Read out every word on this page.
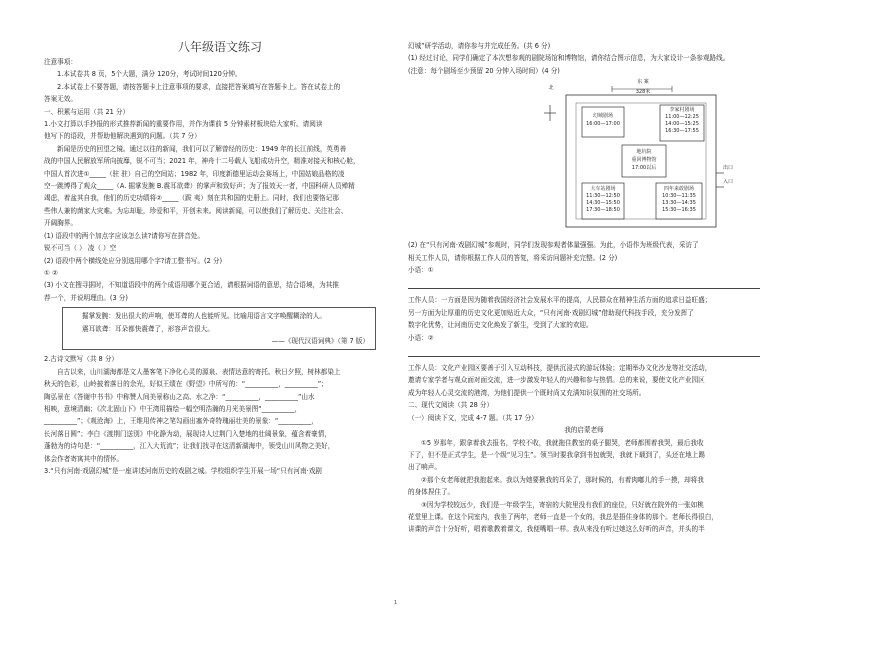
八年级语文练习

注意事项：

1.本试卷共 8 页，5个大题，满分 120分，考试时间120分钟。

2.本试卷上不要答题，请按答题卡上注意事项的要求，直接把答案填写在答题卡上。答在试卷上的

答案无效。

一、积累与运用（共 21 分）

1.小文打算以手抄报的形式推荐新闻的重要作用，并作为课前 5 分钟素材板块给大家听。请阅读

他写下的语段，并帮助他解决遇到的问题。（共 7 分）

新闻是历史的回望之镜。通过以往的新闻，我们可以了解曾经的历史：1949 年的长江前线，英勇善

战的中国人民解放军所向披靡，锐不可当；2021 年，神舟十二号载人飞船成功升空，精准对接天和核心舱，

中国人首次进①_____（驻 驻）自己的空间站；1982 年，印度新德里运动会赛场上，中国姑娘品格的凌

空一跳博得了观众_____（A. 掘掌发腕 B.震耳欲聋）的掌声和致好声；为了报效天一者，中国科研人员殚精

竭虑，着盆其自我，他们的历史功绩将②_____（跋 夷）刻在共和国的史册上。同时，我们也要恪记那

些伟人兼的菌家大灾难。为忘却耻，珍爱和平，开创未来。阅读新闻，可以使我们了解历史、关注社会、

开阔胸界。

(1) 语段中的两个加点字应该怎么读?请你写在拼音处。

锐不可当（ ） 凌（ ）空

(2) 语段中两个横线处应分别选用哪个字?请工整书写。(2 分)

① ②

(3) 小文在搜寻据时，不知道语段中的两个成语用哪个更合适，请根据词语的意思，结合语境，为其推

荐一个，并说明理由。(3 分)

掘掌发腕：发出很大的声响，使耳聋的人也能听见。比喻用语言文字唤醒糊涂的人。

震耳欲聋：耳朵都快震聋了，形容声音很大。

——《现代汉语词典》（第 7 版）

2.古诗文默写（共 8 分）

自古以来，山川湖海都是文人墨客笔下净化心灵的源泉、表情达意的寄托。秋日夕照，树林都染上

秋天的色彩，山岭披着落日的余光，好似王绩在《野望》中所写的：“__________，__________”；

陶弘景在《答谢中书书》中称赞人间美景称山之高、水之净：“__________，__________”山水

相映，意境清幽；《次北固山下》中王湾用描绘一幅空明浩瀚的月光美景图“__________，

__________”；《观沧海》上，王维用传神之笔勾画出塞外奇特瑰丽壮美的景象：“__________，

长河落日圆”；李白《渡荆门送别》中化静为动，展现诗人过荆门入楚地的壮阔景象，蕴含着豪情，

蓬勃为的诗句是：“__________，江入大荒流”；让我们找寻在这清新湖海中，领受山川风物之美好，

体会作者寄寓其中的情怀。

3.“只有河南·戏剧幻城”是一座讲述河南历史的戏剧之城。学校组织学生开展一场“只有河南·戏剧

幻城”研学活动，请你参与并完成任务。(共 6 分)

(1) 经过讨论，同学们确定了本次想参观的剧院场馆和博物馆，请你结合图示信息，为大家设计一条参观路线。

(注意：每个剧场至少预留 20 分钟入场时间）(4 分)

北
东 案
328米
幻城剧场
16:00—17:00
李家村剧场
11:00—12:25
14:00—15:25
16:30—17:55
地坑院
重回博物馆
17:00以后
大车站剧场
11:30—12:50
14:30—15:50
17:30—18:50
四年来敢剧场
10:30—11:35
13:30—14:35
15:30—16:35
出口
入口

(2) 在“只有河南·戏剧幻城”参观时，同学们发现参观者体量强强。为此，小语作为班级代表，采访了

相关工作人员，请你根据工作人员的答复，将采访问题补充完整。(2 分)

小语：①

工作人员：一方面是因为随着我国经济社会发展水平的提高，人民群众在精神生活方面的追求日益旺盛；

另一方面为让厚重的历史文化更加贴近大众，“只有河南·戏剧幻城”借助现代科技手段，充分发挥了

数字化优势，让河南历史文化焕发了新生，受到了大家的欢迎。

小语：②

工作人员：文化产业园区要善于引入互动科技，提供沉浸式的游玩体验；定期举办文化沙龙等社交活动，

邀请专家学者与观众面对面交流，进一步激发年轻人的兴趣和参与热情。总的来说，要使文化产业园区

成为年轻人心灵交流的港湾，为他们提供一个既时尚又充满知识氛围的社交场所。

二、现代文阅读（共 28 分）

（一）阅读下文，完成 4-7 题。（共 17 分）

我的启蒙老师

①5 岁那年，跟拿着我去报名，学校不收，我就拖住教室的桌子腿哭，老师都围着我哭，最后我收

下了，但不是正式学生，是一个级“见习生”。领当时要我拿到书包就哭，我就下载到了，头还在地上踢

出了响声。

②那个女老师就把我抱起来。我以为她要揪我的耳朵了，那时候的，有着肉嘟儿的手一摸，却将我

的身体捏住了。

③因为学校较远少，我们是一年级学生，寄宿的大院里没有我们的座位，只好就在院外的一张如桃

花堂里上课。在这个同室内，我坐了两年，老师一直是一个女的，我总是捂住身体的那个。老师长得很白，

讲课的声音十分好听，唱着歌教着课文，我便嘴唱一样。我从来没有听过她这么好听的声音，并头的半

1
